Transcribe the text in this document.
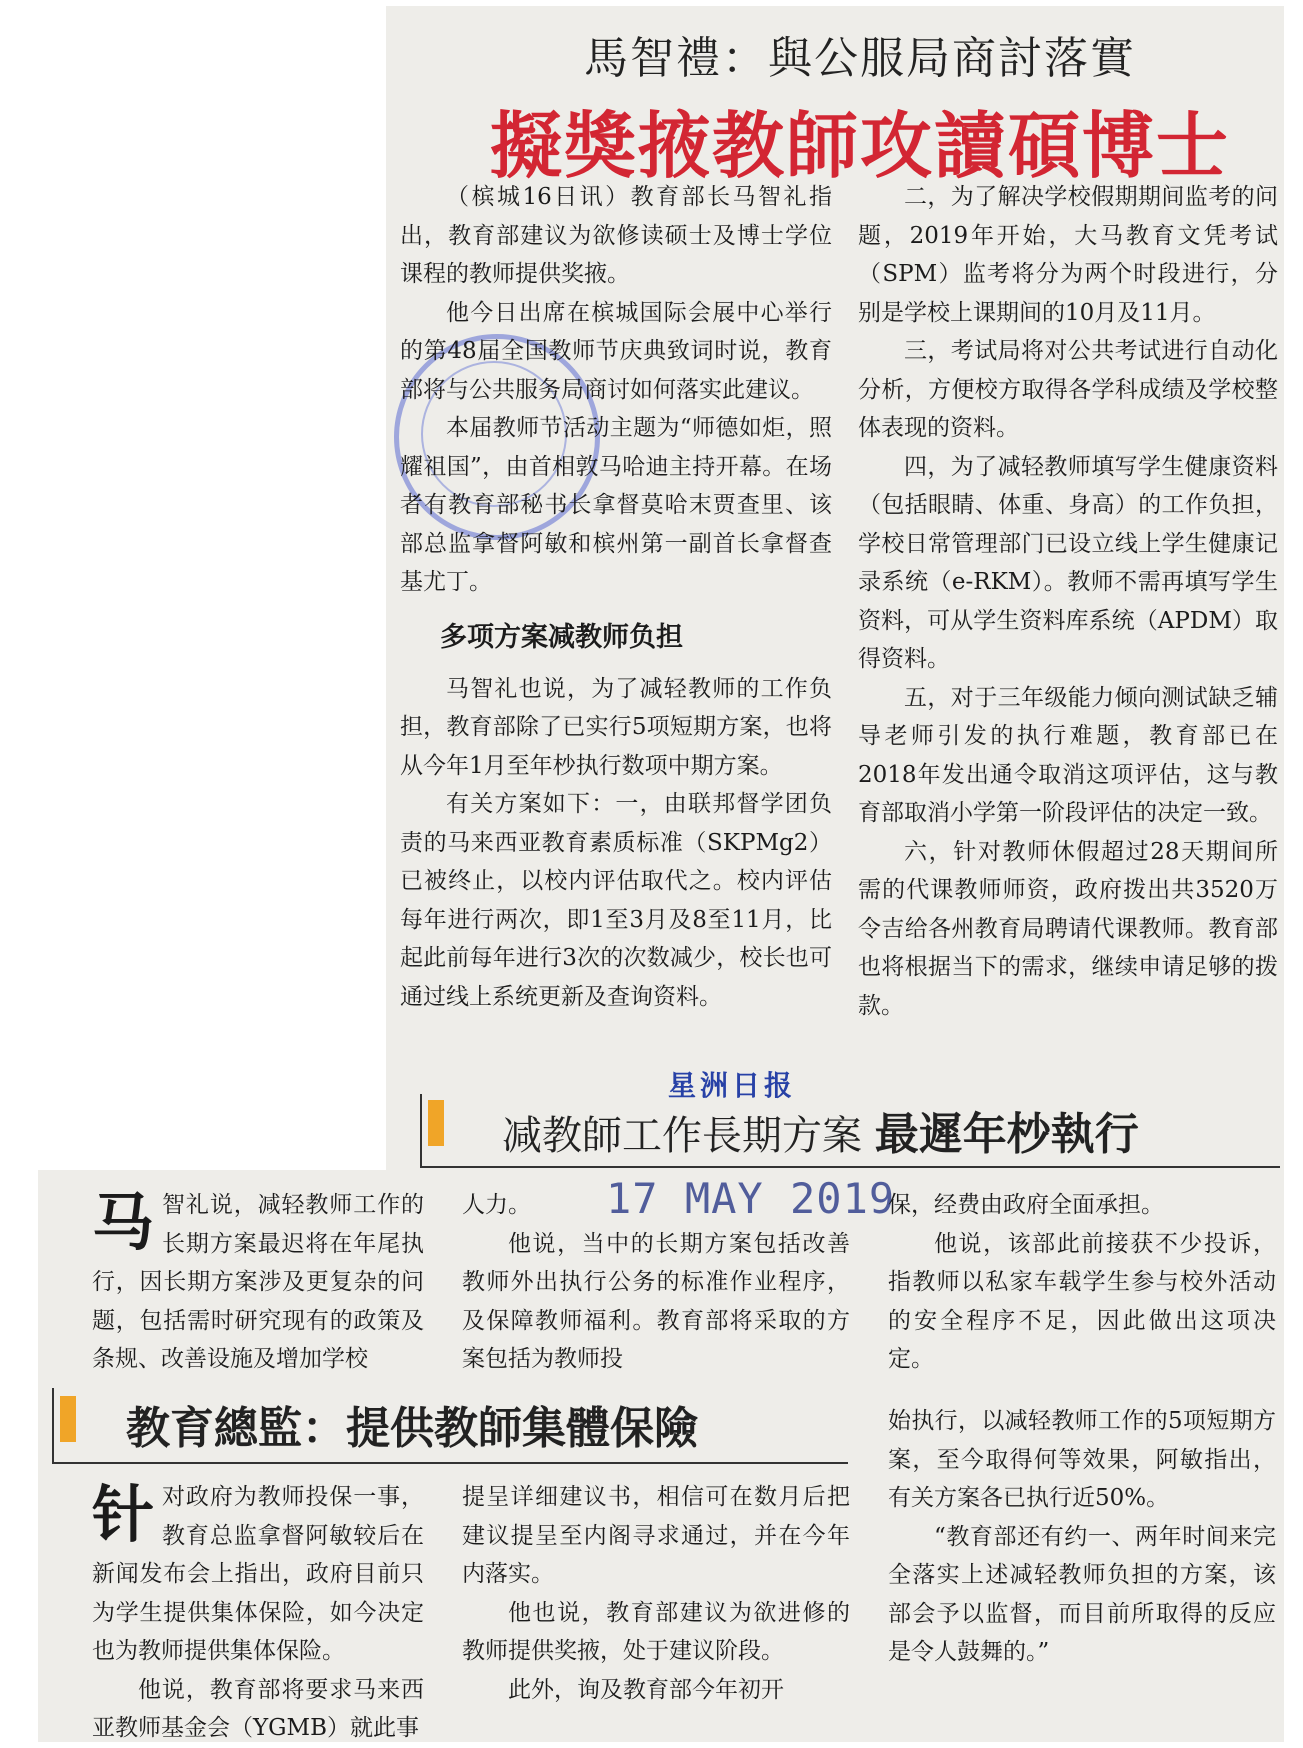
馬智禮：與公服局商討落實
擬獎掖教師攻讀碩博士

（槟城16日讯）教育部长马智礼指出，教育部建议为欲修读硕士及博士学位课程的教师提供奖掖。

他今日出席在槟城国际会展中心举行的第48届全国教师节庆典致词时说，教育部将与公共服务局商讨如何落实此建议。

本届教师节活动主题为“师德如炬，照耀祖国”，由首相敦马哈迪主持开幕。在场者有教育部秘书长拿督莫哈末贾查里、该部总监拿督阿敏和槟州第一副首长拿督查基尤丁。

多项方案减教师负担

马智礼也说，为了减轻教师的工作负担，教育部除了已实行5项短期方案，也将从今年1月至年杪执行数项中期方案。

有关方案如下：一，由联邦督学团负责的马来西亚教育素质标准（SKPMg2）已被终止，以校内评估取代之。校内评估每年进行两次，即1至3月及8至11月，比起此前每年进行3次的次数减少，校长也可通过线上系统更新及查询资料。

二，为了解决学校假期期间监考的问题，2019年开始，大马教育文凭考试（SPM）监考将分为两个时段进行，分别是学校上课期间的10月及11月。

三，考试局将对公共考试进行自动化分析，方便校方取得各学科成绩及学校整体表现的资料。

四，为了减轻教师填写学生健康资料（包括眼睛、体重、身高）的工作负担，学校日常管理部门已设立线上学生健康记录系统（e-RKM）。教师不需再填写学生资料，可从学生资料库系统（APDM）取得资料。

五，对于三年级能力倾向测试缺乏辅导老师引发的执行难题，教育部已在2018年发出通令取消这项评估，这与教育部取消小学第一阶段评估的决定一致。

六，针对教师休假超过28天期间所需的代课教师师资，政府拨出共3520万令吉给各州教育局聘请代课教师。教育部也将根据当下的需求，继续申请足够的拨款。

星洲日报
减教師工作長期方案 最遲年杪執行
17 MAY 2019

马智礼说，减轻教师工作的长期方案最迟将在年尾执行，因长期方案涉及更复杂的问题，包括需时研究现有的政策及条规、改善设施及增加学校

人力。

他说，当中的长期方案包括改善教师外出执行公务的标准作业程序，及保障教师福利。教育部将采取的方案包括为教师投

保，经费由政府全面承担。

他说，该部此前接获不少投诉，指教师以私家车载学生参与校外活动的安全程序不足，因此做出这项决定。

教育總監：提供教師集體保險

针对政府为教师投保一事，教育总监拿督阿敏较后在新闻发布会上指出，政府目前只为学生提供集体保险，如今决定也为教师提供集体保险。

他说，教育部将要求马来西亚教师基金会（YGMB）就此事

提呈详细建议书，相信可在数月后把建议提呈至内阁寻求通过，并在今年内落实。

他也说，教育部建议为欲进修的教师提供奖掖，处于建议阶段。

此外，询及教育部今年初开

始执行，以减轻教师工作的5项短期方案，至今取得何等效果，阿敏指出，有关方案各已执行近50%。

“教育部还有约一、两年时间来完全落实上述减轻教师负担的方案，该部会予以监督，而目前所取得的反应是令人鼓舞的。”
